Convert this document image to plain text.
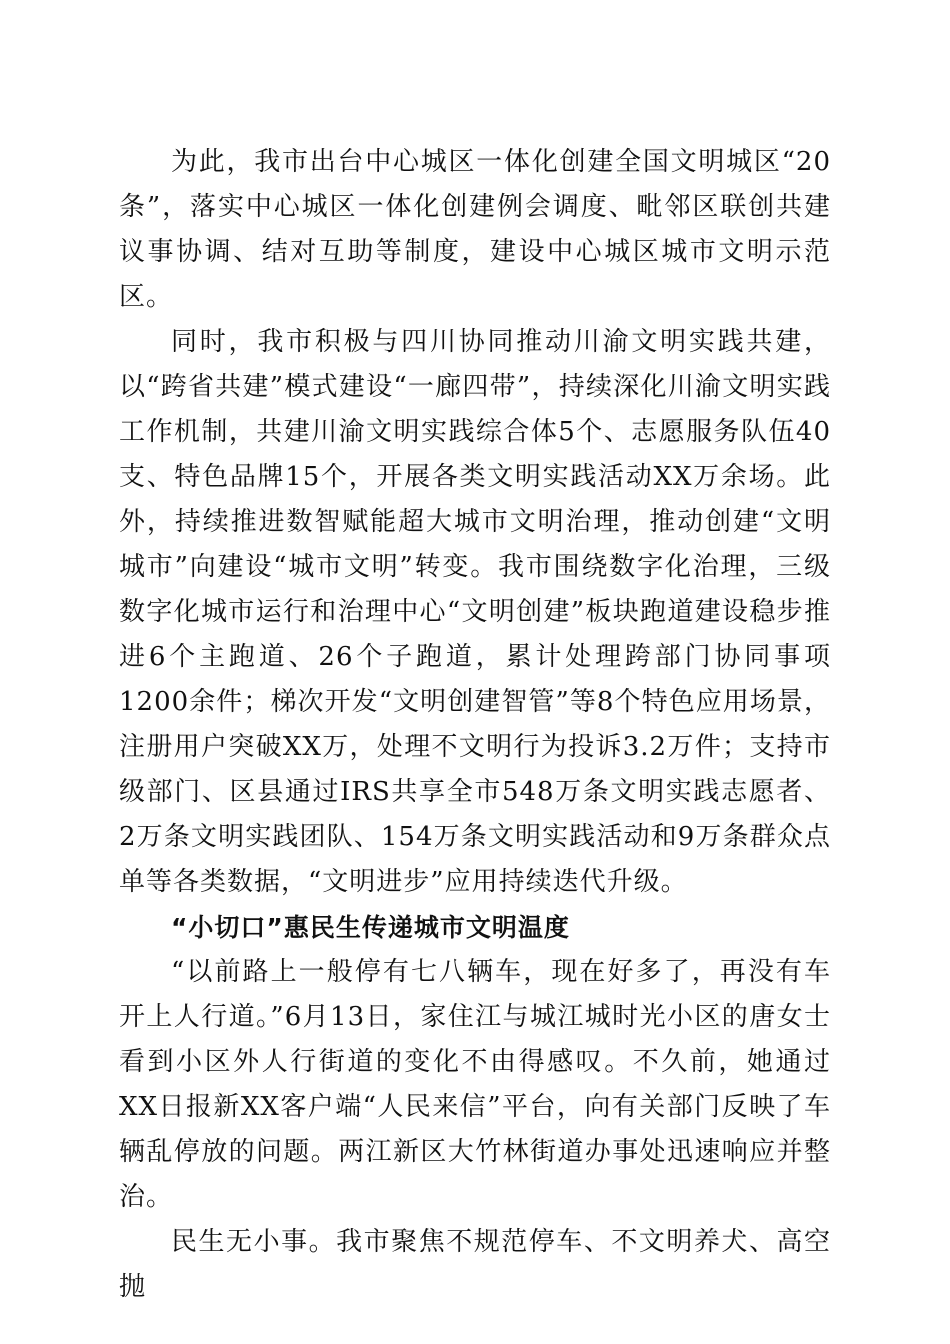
为此，我市出台中心城区一体化创建全国文明城区“20条”，落实中心城区一体化创建例会调度、毗邻区联创共建议事协调、结对互助等制度，建设中心城区城市文明示范区。

同时，我市积极与四川协同推动川渝文明实践共建，以“跨省共建”模式建设“一廊四带”，持续深化川渝文明实践工作机制，共建川渝文明实践综合体5个、志愿服务队伍40支、特色品牌15个，开展各类文明实践活动XX万余场。此外，持续推进数智赋能超大城市文明治理，推动创建“文明城市”向建设“城市文明”转变。我市围绕数字化治理，三级数字化城市运行和治理中心“文明创建”板块跑道建设稳步推进6个主跑道、26个子跑道，累计处理跨部门协同事项1200余件；梯次开发“文明创建智管”等8个特色应用场景，注册用户突破XX万，处理不文明行为投诉3.2万件；支持市级部门、区县通过IRS共享全市548万条文明实践志愿者、2万条文明实践团队、154万条文明实践活动和9万条群众点单等各类数据，“文明进步”应用持续迭代升级。

“小切口”惠民生传递城市文明温度

“以前路上一般停有七八辆车，现在好多了，再没有车开上人行道。”6月13日，家住江与城江城时光小区的唐女士看到小区外人行街道的变化不由得感叹。不久前，她通过XX日报新XX客户端“人民来信”平台，向有关部门反映了车辆乱停放的问题。两江新区大竹林街道办事处迅速响应并整治。

民生无小事。我市聚焦不规范停车、不文明养犬、高空抛
